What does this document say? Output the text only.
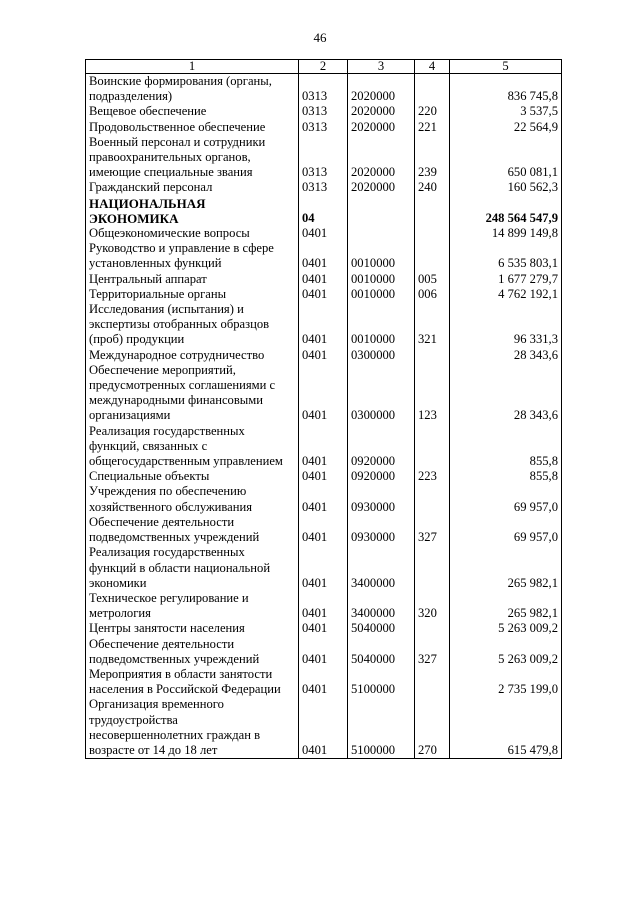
46
1	2	3	4	5
Воинские формирования (органы, подразделения)	0313	2020000		836 745,8
Вещевое обеспечение	0313	2020000	220	3 537,5
Продовольственное обеспечение	0313	2020000	221	22 564,9
Военный персонал и сотрудники правоохранительных органов, имеющие специальные звания	0313	2020000	239	650 081,1
Гражданский персонал	0313	2020000	240	160 562,3
НАЦИОНАЛЬНАЯ ЭКОНОМИКА	04			248 564 547,9
Общеэкономические вопросы	0401			14 899 149,8
Руководство и управление в сфере установленных функций	0401	0010000		6 535 803,1
Центральный аппарат	0401	0010000	005	1 677 279,7
Территориальные органы	0401	0010000	006	4 762 192,1
Исследования (испытания) и экспертизы отобранных образцов (проб) продукции	0401	0010000	321	96 331,3
Международное сотрудничество	0401	0300000		28 343,6
Обеспечение мероприятий, предусмотренных соглашениями с международными финансовыми организациями	0401	0300000	123	28 343,6
Реализация государственных функций, связанных с общегосударственным управлением	0401	0920000		855,8
Специальные объекты	0401	0920000	223	855,8
Учреждения по обеспечению хозяйственного обслуживания	0401	0930000		69 957,0
Обеспечение деятельности подведомственных учреждений	0401	0930000	327	69 957,0
Реализация государственных функций в области национальной экономики	0401	3400000		265 982,1
Техническое регулирование и метрология	0401	3400000	320	265 982,1
Центры занятости населения	0401	5040000		5 263 009,2
Обеспечение деятельности подведомственных учреждений	0401	5040000	327	5 263 009,2
Мероприятия в области занятости населения в Российской Федерации	0401	5100000		2 735 199,0
Организация временного трудоустройства несовершеннолетних граждан в возрасте от 14 до 18 лет	0401	5100000	270	615 479,8
